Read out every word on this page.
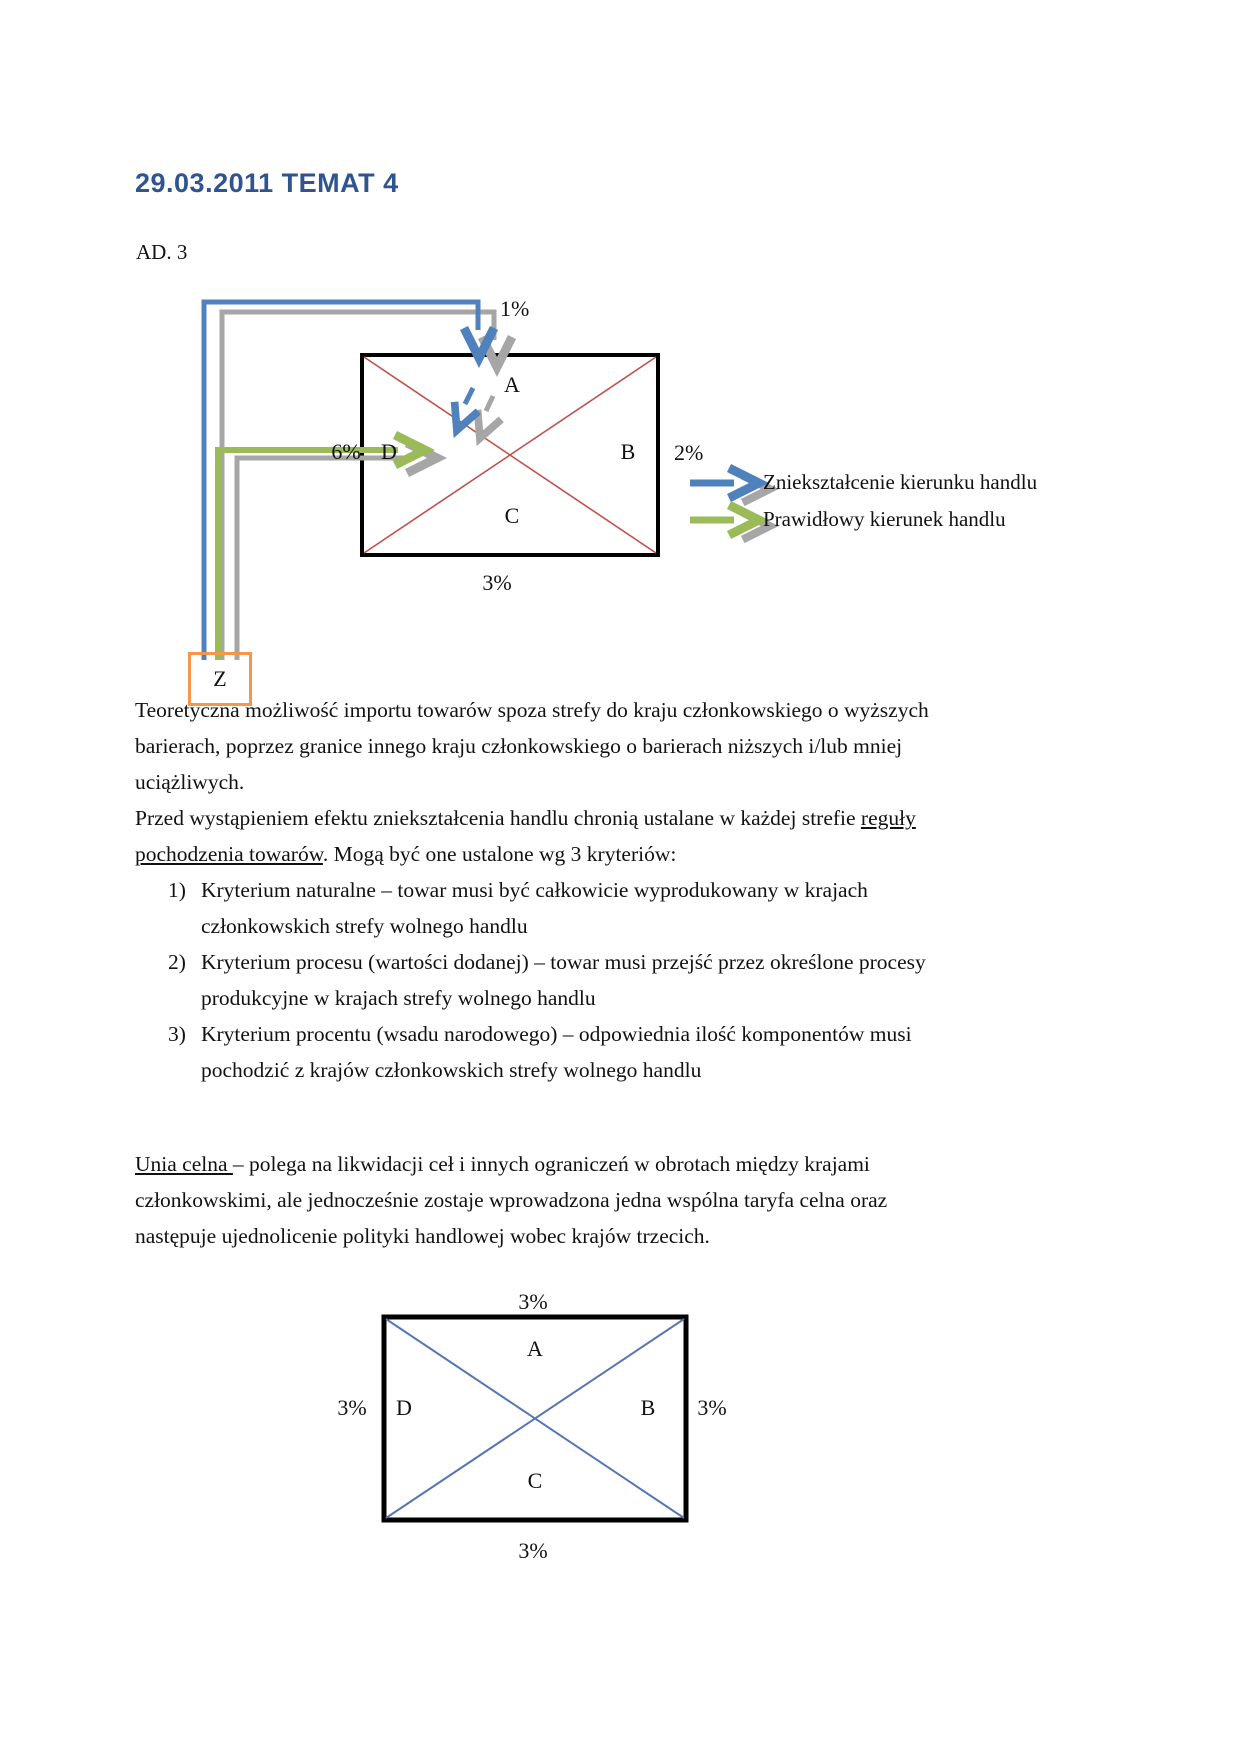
29.03.2011 TEMAT 4
AD. 3
1%
A
B 2%
C
3%
6% D
Z
Zniekształcenie kierunku handlu
Prawidłowy kierunek handlu
Teoretyczna możliwość importu towarów spoza strefy do kraju członkowskiego o wyższych
barierach, poprzez granice innego kraju członkowskiego o barierach niższych i/lub mniej
uciążliwych.
Przed wystąpieniem efektu zniekształcenia handlu chronią ustalane w każdej strefie reguły
pochodzenia towarów. Mogą być one ustalone wg 3 kryteriów:
1) Kryterium naturalne – towar musi być całkowicie wyprodukowany w krajach
członkowskich strefy wolnego handlu
2) Kryterium procesu (wartości dodanej) – towar musi przejść przez określone procesy
produkcyjne w krajach strefy wolnego handlu
3) Kryterium procentu (wsadu narodowego) – odpowiednia ilość komponentów musi
pochodzić z krajów członkowskich strefy wolnego handlu
Unia celna – polega na likwidacji ceł i innych ograniczeń w obrotach między krajami
członkowskimi, ale jednocześnie zostaje wprowadzona jedna wspólna taryfa celna oraz
następuje ujednolicenie polityki handlowej wobec krajów trzecich.
3%
A
3% D	B 3%
C
3%
